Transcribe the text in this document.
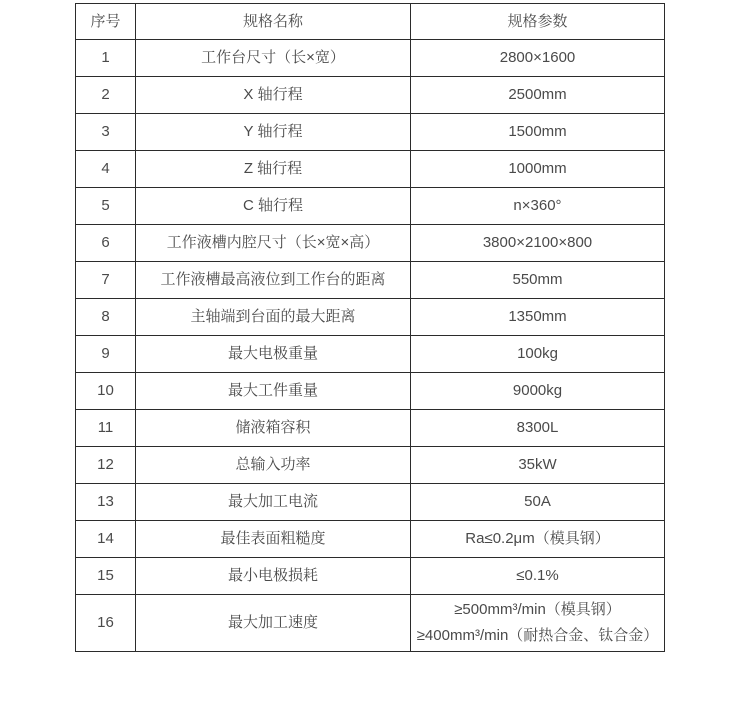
序号	规格名称	规格参数
1	工作台尺寸（长×宽）	2800×1600
2	X 轴行程	2500mm
3	Y 轴行程	1500mm
4	Z 轴行程	1000mm
5	C 轴行程	n×360°
6	工作液槽内腔尺寸（长×宽×高）	3800×2100×800
7	工作液槽最高液位到工作台的距离	550mm
8	主轴端到台面的最大距离	1350mm
9	最大电极重量	100kg
10	最大工件重量	9000kg
11	储液箱容积	8300L
12	总输入功率	35kW
13	最大加工电流	50A
14	最佳表面粗糙度	Ra≤0.2μm（模具钢）
15	最小电极损耗	≤0.1%
16	最大加工速度	≥500mm³/min（模具钢）
≥400mm³/min（耐热合金、钛合金）
